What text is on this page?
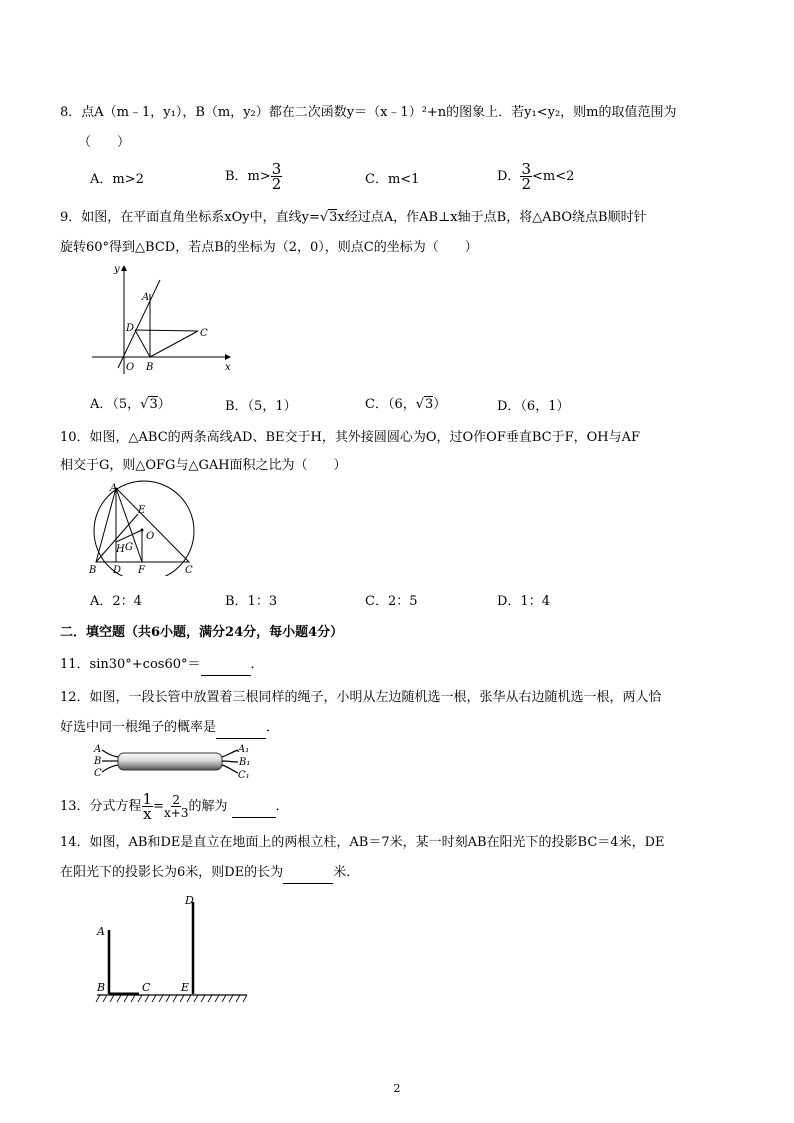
8．点A（m﹣1，y₁），B（m，y₂）都在二次函数y＝（x﹣1）²+n的图象上．若y₁<y₂，则m的取值范围为
（　　）
A．m>2	B．$m> \frac{3}{2}$	C．m<1	D． $\frac{3}{2} <m<2$
9．如图，在平面直角坐标系xOy中，直线y=√3x经过点A，作AB⊥x轴于点B，将△ABO绕点B顺时针
旋转60°得到△BCD，若点B的坐标为（2，0），则点C的坐标为（　　）
y
x
A
D	C
O B
A．（5，√3）	B．（5，1）	C．（6，√3）	D．（6，1）
10．如图，△ABC的两条高线AD、BE交于H，其外接圆圆心为O，过O作OF垂直BC于F，OH与AF
相交于G，则△OFG与△GAH面积之比为（　　）
A
E
O
H G
B D F	C
A．2：4	B．1：3	C．2：5	D．1：4
二．填空题（共6小题，满分24分，每小题4分）
11．sin30°+cos60°＝	．
12．如图，一段长管中放置着三根同样的绳子，小明从左边随机选一根，张华从右边随机选一根，两人恰
好选中同一根绳子的概率是	．
A
B
C
A₁
B₁
C₁
13．分式方程 $\frac{1}{x} = \frac{2}{x+3}$ 的解为	．
14．如图，AB和DE是直立在地面上的两根立柱，AB＝7米，某一时刻AB在阳光下的投影BC＝4米，DE
在阳光下的投影长为6米，则DE的长为	米．
A
B	C
D
E
2
